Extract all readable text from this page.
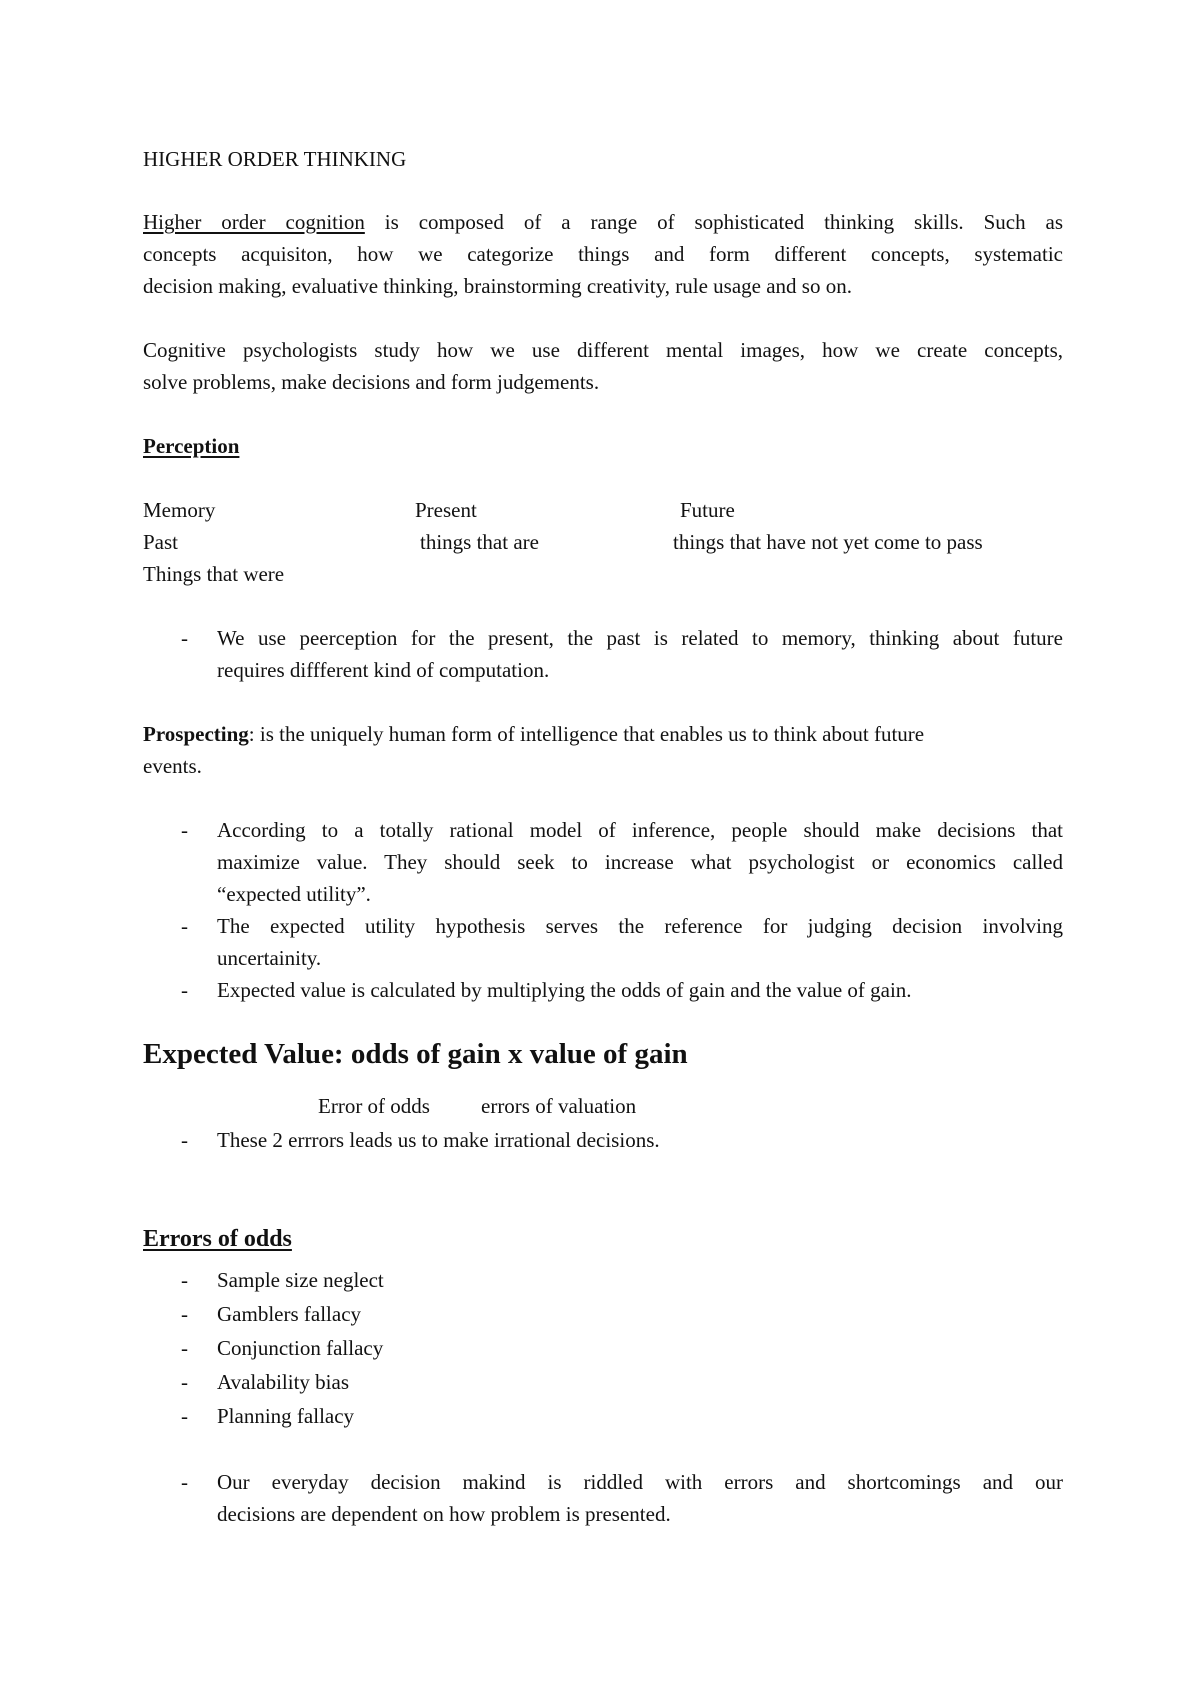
HIGHER ORDER THINKING
Higher order cognition is composed of a range of sophisticated thinking skills. Such as
concepts acquisiton, how we categorize things and form different concepts, systematic
decision making, evaluative thinking, brainstorming creativity, rule usage and so on.
Cognitive psychologists study how we use different mental images, how we create concepts,
solve problems, make decisions and form judgements.
Perception
Memory	Present	Future
Past	things that are	things that have not yet come to pass
Things that were
- We use peerception for the present, the past is related to memory, thinking about future
requires diffferent kind of computation.
Prospecting: is the uniquely human form of intelligence that enables us to think about future
events.
- According to a totally rational model of inference, people should make decisions that
maximize value. They should seek to increase what psychologist or economics called
“expected utility”.
- The expected utility hypothesis serves the reference for judging decision involving
uncertainity.
- Expected value is calculated by multiplying the odds of gain and the value of gain.
Expected Value: odds of gain x value of gain
Error of odds errors of valuation
- These 2 errrors leads us to make irrational decisions.
Errors of odds
- Sample size neglect
- Gamblers fallacy
- Conjunction fallacy
- Avalability bias
- Planning fallacy
- Our everyday decision makind is riddled with errors and shortcomings and our
decisions are dependent on how problem is presented.
